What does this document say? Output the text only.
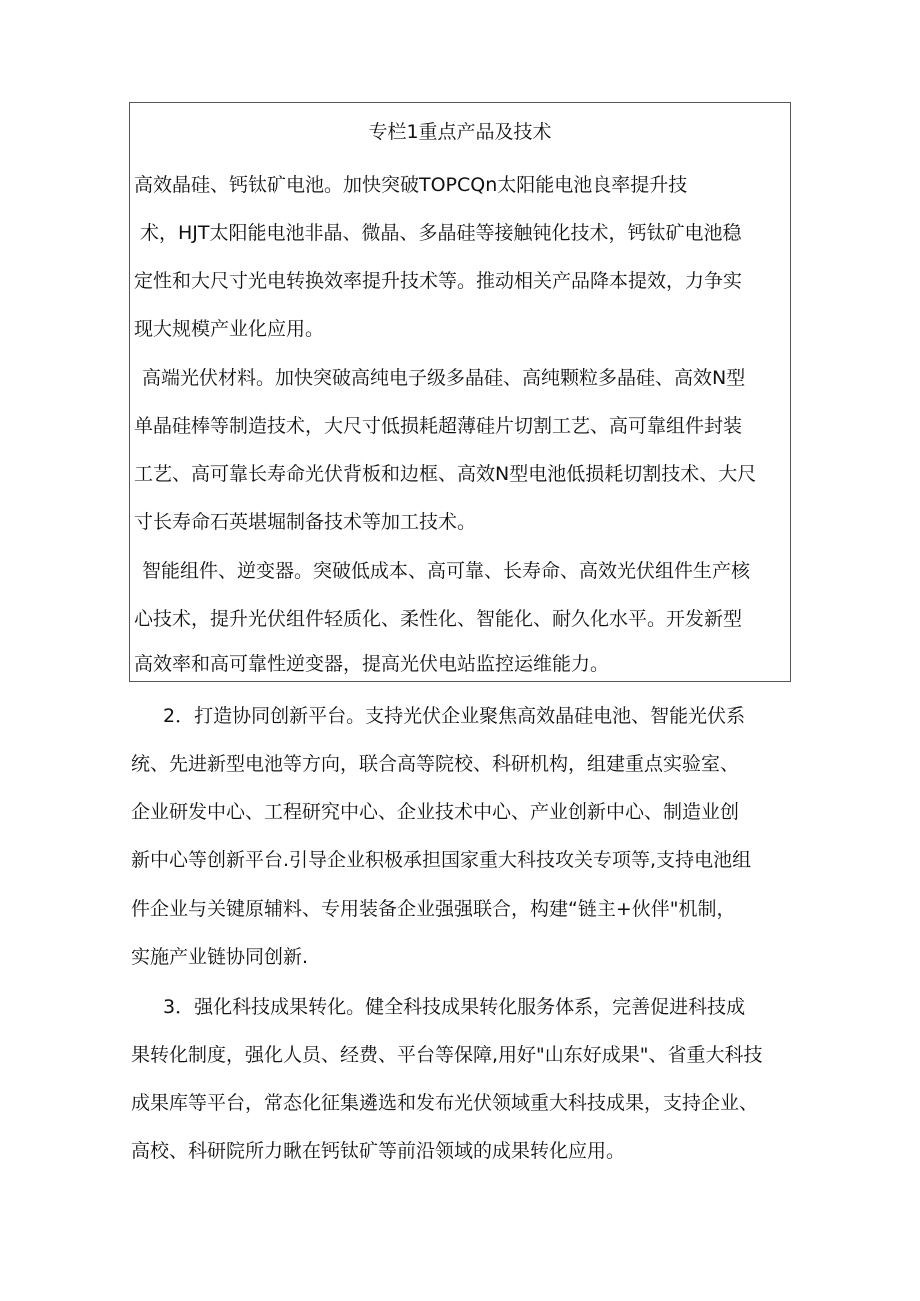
专栏1重点产品及技术
高效晶硅、钙钛矿电池。加快突破TOPCQn太阳能电池良率提升技
术，HJT太阳能电池非晶、微晶、多晶硅等接触钝化技术，钙钛矿电池稳
定性和大尺寸光电转换效率提升技术等。推动相关产品降本提效，力争实
现大规模产业化应用。
高端光伏材料。加快突破高纯电子级多晶硅、高纯颗粒多晶硅、高效N型
单晶硅棒等制造技术，大尺寸低损耗超薄硅片切割工艺、高可靠组件封装
工艺、高可靠长寿命光伏背板和边框、高效N型电池低损耗切割技术、大尺
寸长寿命石英堪堀制备技术等加工技术。
智能组件、逆变器。突破低成本、高可靠、长寿命、高效光伏组件生产核
心技术，提升光伏组件轻质化、柔性化、智能化、耐久化水平。开发新型
高效率和高可靠性逆变器，提高光伏电站监控运维能力。
2．打造协同创新平台。支持光伏企业聚焦高效晶硅电池、智能光伏系
统、先进新型电池等方向，联合高等院校、科研机构，组建重点实验室、
企业研发中心、工程研究中心、企业技术中心、产业创新中心、制造业创
新中心等创新平台.引导企业积极承担国家重大科技攻关专项等,支持电池组
件企业与关键原辅料、专用装备企业强强联合，构建“链主+伙伴"机制，
实施产业链协同创新.
3．强化科技成果转化。健全科技成果转化服务体系，完善促进科技成
果转化制度，强化人员、经费、平台等保障,用好"山东好成果"、省重大科技
成果库等平台，常态化征集遴选和发布光伏领域重大科技成果，支持企业、
高校、科研院所力瞅在钙钛矿等前沿领域的成果转化应用。
